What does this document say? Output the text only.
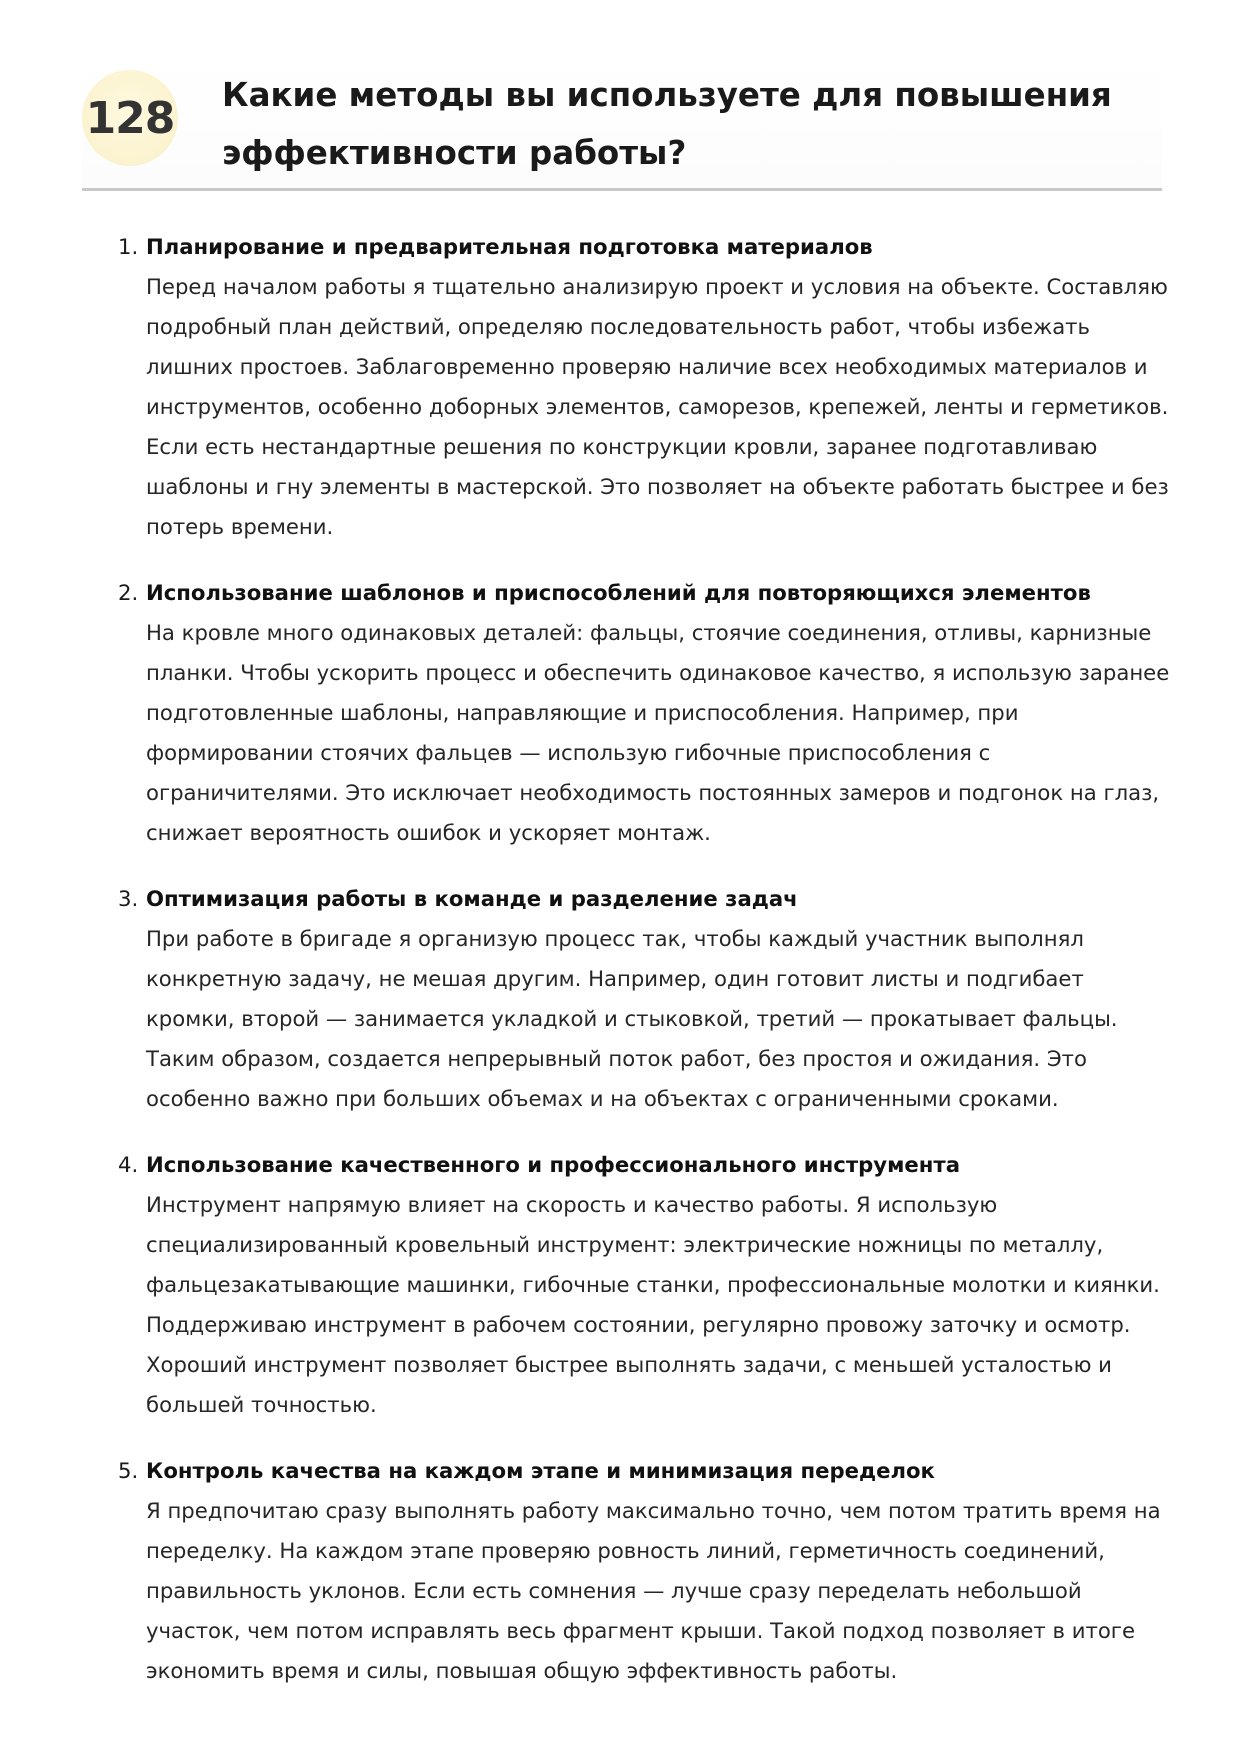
128 Какие методы вы используете для повышения эффективности работы?
1. Планирование и предварительная подготовка материалов
Перед началом работы я тщательно анализирую проект и условия на объекте. Составляю подробный план действий, определяю последовательность работ, чтобы избежать лишних простоев. Заблаговременно проверяю наличие всех необходимых материалов и инструментов, особенно доборных элементов, саморезов, крепежей, ленты и герметиков. Если есть нестандартные решения по конструкции кровли, заранее подготавливаю шаблоны и гну элементы в мастерской. Это позволяет на объекте работать быстрее и без потерь времени.
2. Использование шаблонов и приспособлений для повторяющихся элементов
На кровле много одинаковых деталей: фальцы, стоячие соединения, отливы, карнизные планки. Чтобы ускорить процесс и обеспечить одинаковое качество, я использую заранее подготовленные шаблоны, направляющие и приспособления. Например, при формировании стоячих фальцев — использую гибочные приспособления с ограничителями. Это исключает необходимость постоянных замеров и подгонок на глаз, снижает вероятность ошибок и ускоряет монтаж.
3. Оптимизация работы в команде и разделение задач
При работе в бригаде я организую процесс так, чтобы каждый участник выполнял конкретную задачу, не мешая другим. Например, один готовит листы и подгибает кромки, второй — занимается укладкой и стыковкой, третий — прокатывает фальцы. Таким образом, создается непрерывный поток работ, без простоя и ожидания. Это особенно важно при больших объемах и на объектах с ограниченными сроками.
4. Использование качественного и профессионального инструмента
Инструмент напрямую влияет на скорость и качество работы. Я использую специализированный кровельный инструмент: электрические ножницы по металлу, фальцезакатывающие машинки, гибочные станки, профессиональные молотки и киянки. Поддерживаю инструмент в рабочем состоянии, регулярно провожу заточку и осмотр. Хороший инструмент позволяет быстрее выполнять задачи, с меньшей усталостью и большей точностью.
5. Контроль качества на каждом этапе и минимизация переделок
Я предпочитаю сразу выполнять работу максимально точно, чем потом тратить время на переделку. На каждом этапе проверяю ровность линий, герметичность соединений, правильность уклонов. Если есть сомнения — лучше сразу переделать небольшой участок, чем потом исправлять весь фрагмент крыши. Такой подход позволяет в итоге экономить время и силы, повышая общую эффективность работы.
